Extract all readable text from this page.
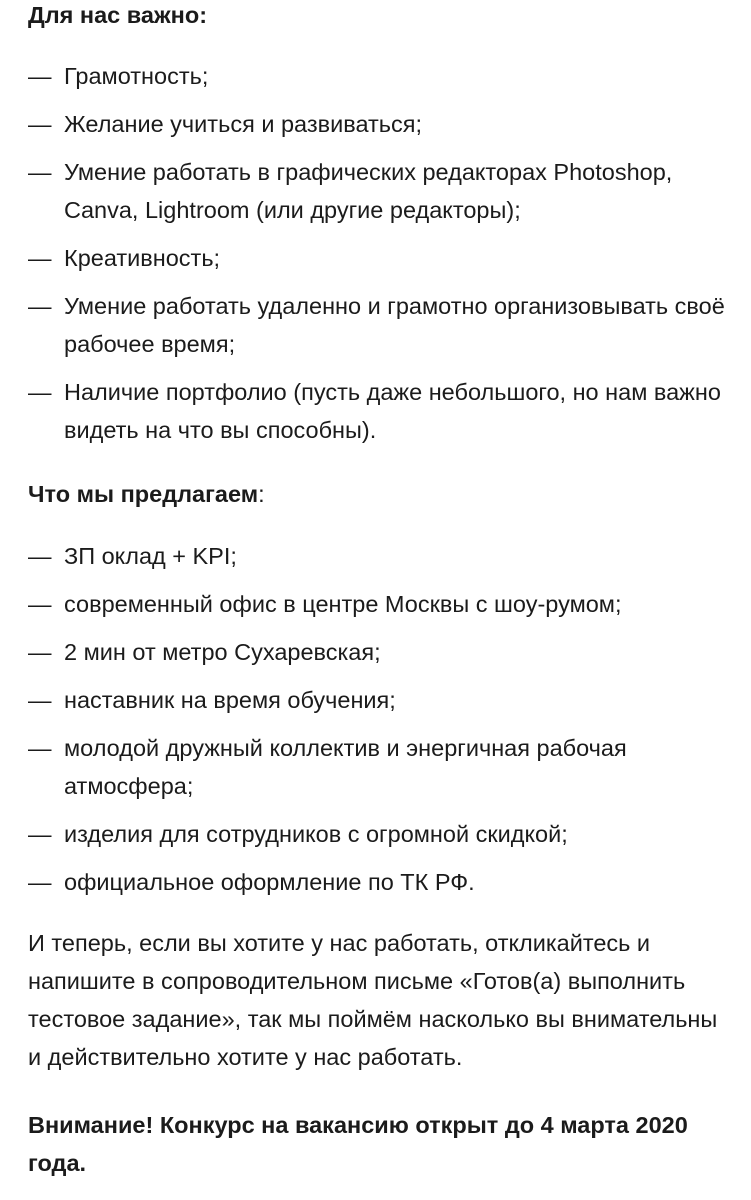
Для нас важно:

— Грамотность;
— Желание учиться и развиваться;
— Умение работать в графических редакторах Photoshop, Canva, Lightroom (или другие редакторы);
— Креативность;
— Умение работать удаленно и грамотно организовывать своё рабочее время;
— Наличие портфолио (пусть даже небольшого, но нам важно видеть на что вы способны).

Что мы предлагаем:

— ЗП оклад + KPI;
— современный офис в центре Москвы с шоу-румом;
— 2 мин от метро Сухаревская;
— наставник на время обучения;
— молодой дружный коллектив и энергичная рабочая атмосфера;
— изделия для сотрудников с огромной скидкой;
— официальное оформление по ТК РФ.

И теперь, если вы хотите у нас работать, откликайтесь и напишите в сопроводительном письме «Готов(а) выполнить тестовое задание», так мы поймём насколько вы внимательны и действительно хотите у нас работать.

Внимание! Конкурс на вакансию открыт до 4 марта 2020 года.
